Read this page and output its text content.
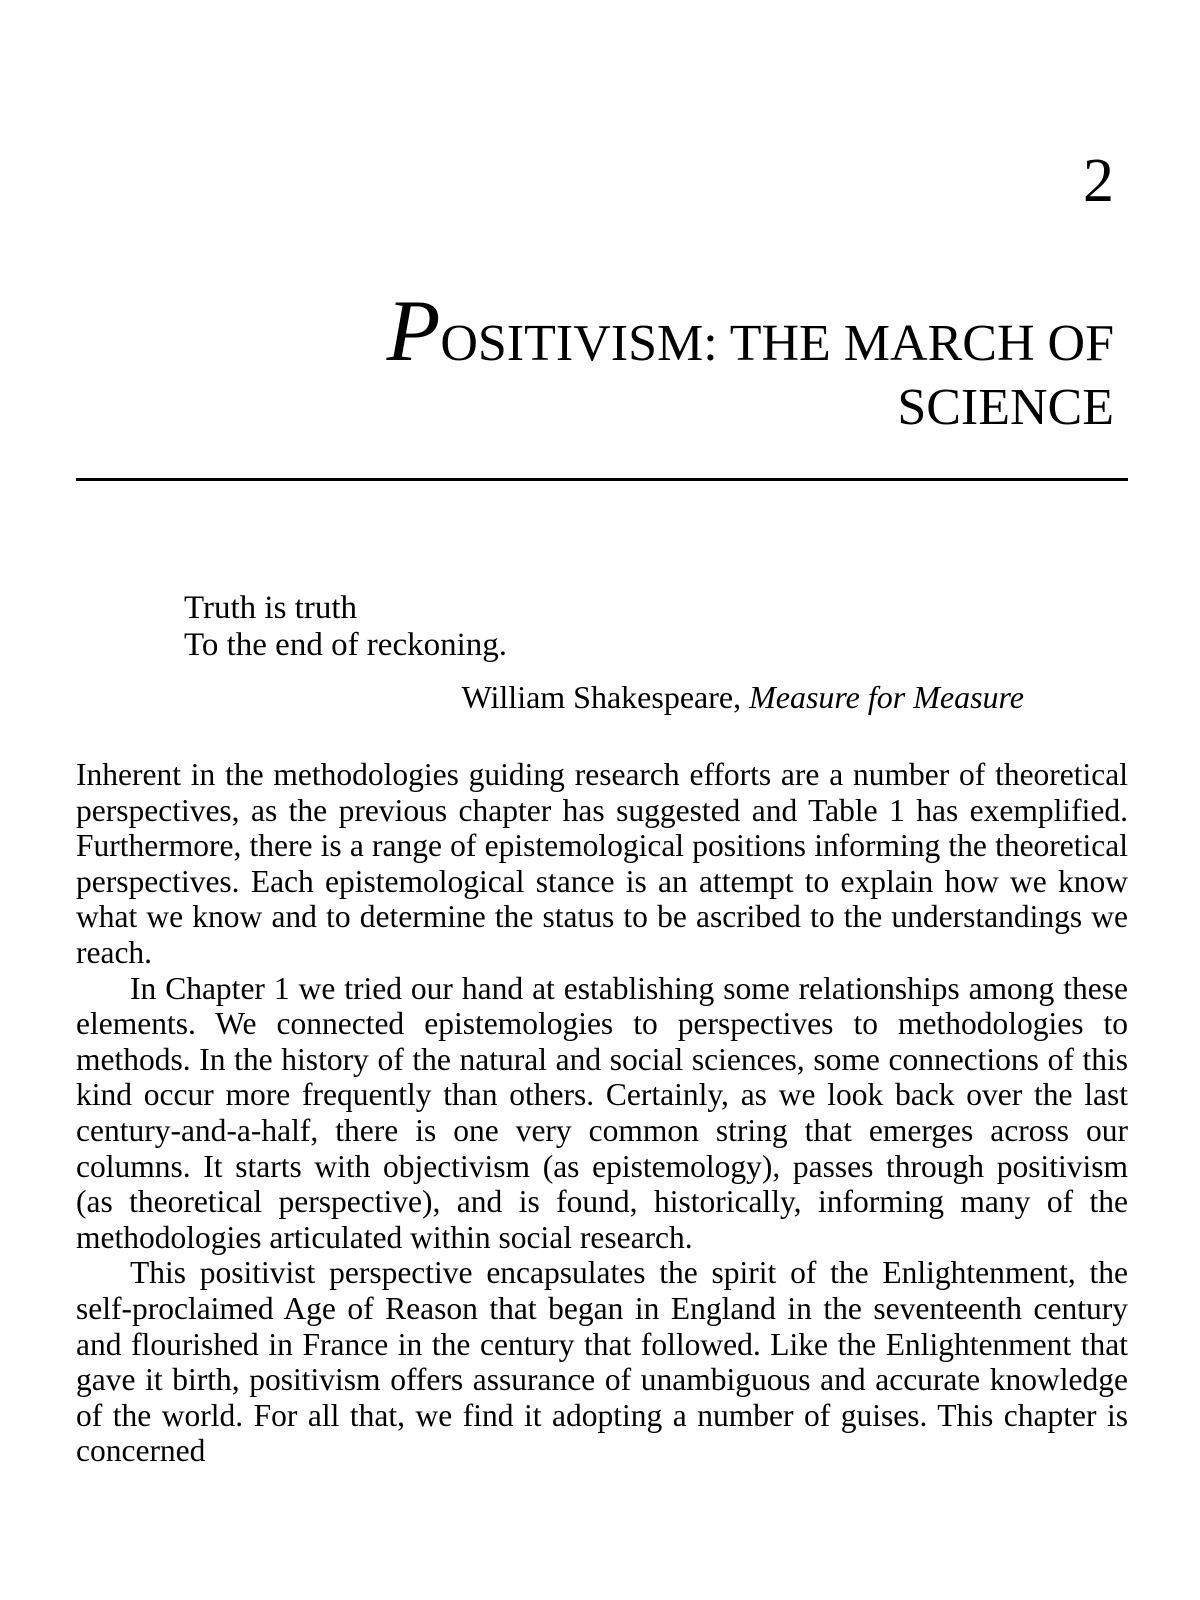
2
POSITIVISM: THE MARCH OF
SCIENCE
Truth is truth
To the end of reckoning.
William Shakespeare, Measure for Measure

Inherent in the methodologies guiding research efforts are a number of theoretical perspectives, as the previous chapter has suggested and Table 1 has exemplified. Furthermore, there is a range of epistemological positions informing the theoretical perspectives. Each epistemological stance is an attempt to explain how we know what we know and to determine the status to be ascribed to the understandings we reach.

In Chapter 1 we tried our hand at establishing some relationships among these elements. We connected epistemologies to perspectives to methodologies to methods. In the history of the natural and social sciences, some connections of this kind occur more frequently than others. Certainly, as we look back over the last century-and-a-half, there is one very common string that emerges across our columns. It starts with objectivism (as epistemology), passes through positivism (as theoretical perspective), and is found, historically, informing many of the methodologies articulated within social research.

This positivist perspective encapsulates the spirit of the Enlightenment, the self-proclaimed Age of Reason that began in England in the seventeenth century and flourished in France in the century that followed. Like the Enlightenment that gave it birth, positivism offers assurance of unambiguous and accurate knowledge of the world. For all that, we find it adopting a number of guises. This chapter is concerned
